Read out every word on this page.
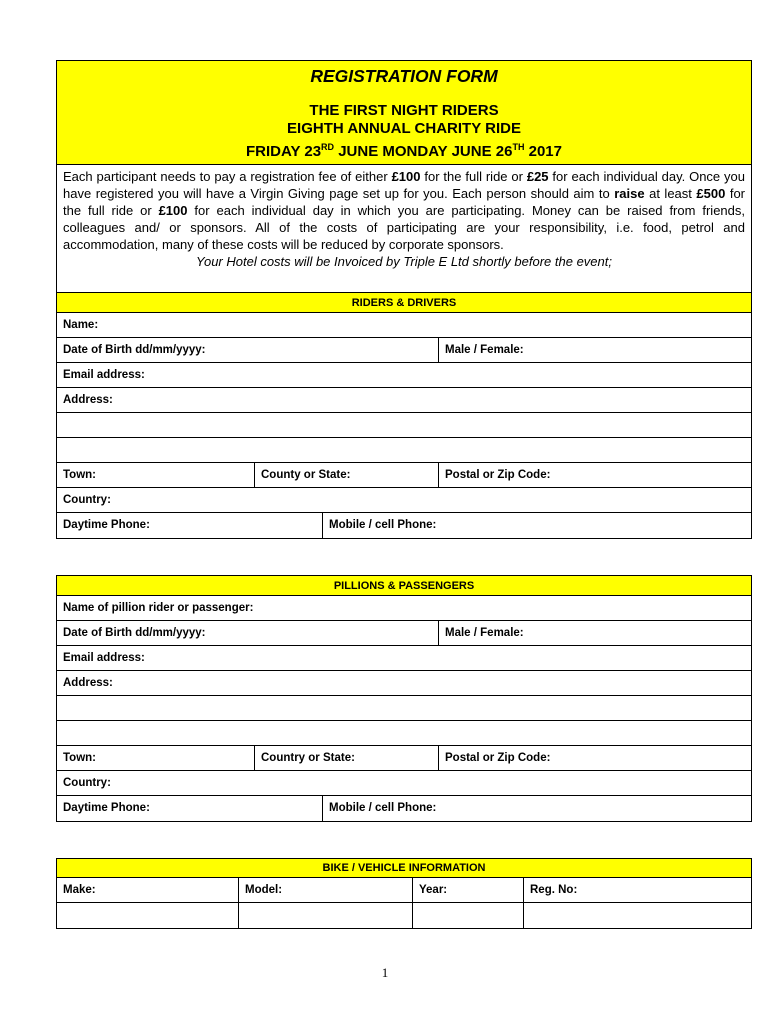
REGISTRATION FORM
THE FIRST NIGHT RIDERS
EIGHTH ANNUAL CHARITY RIDE
FRIDAY 23RD JUNE MONDAY JUNE 26TH 2017
Each participant needs to pay a registration fee of either £100 for the full ride or £25 for each individual day. Once you have registered you will have a Virgin Giving page set up for you. Each person should aim to raise at least £500 for the full ride or £100 for each individual day in which you are participating. Money can be raised from friends, colleagues and/ or sponsors. All of the costs of participating are your responsibility, i.e. food, petrol and accommodation, many of these costs will be reduced by corporate sponsors.
Your Hotel costs will be Invoiced by Triple E Ltd shortly before the event;
RIDERS & DRIVERS
Name:
Date of Birth dd/mm/yyyy:	Male / Female:
Email address:
Address:
Town:	County or State:	Postal or Zip Code:
Country:
Daytime Phone:	Mobile / cell Phone:
PILLIONS & PASSENGERS
Name of pillion rider or passenger:
Date of Birth dd/mm/yyyy:	Male / Female:
Email address:
Address:
Town:	Country or State:	Postal or Zip Code:
Country:
Daytime Phone:	Mobile / cell Phone:
BIKE / VEHICLE INFORMATION
Make:	Model:	Year:	Reg. No:
1
